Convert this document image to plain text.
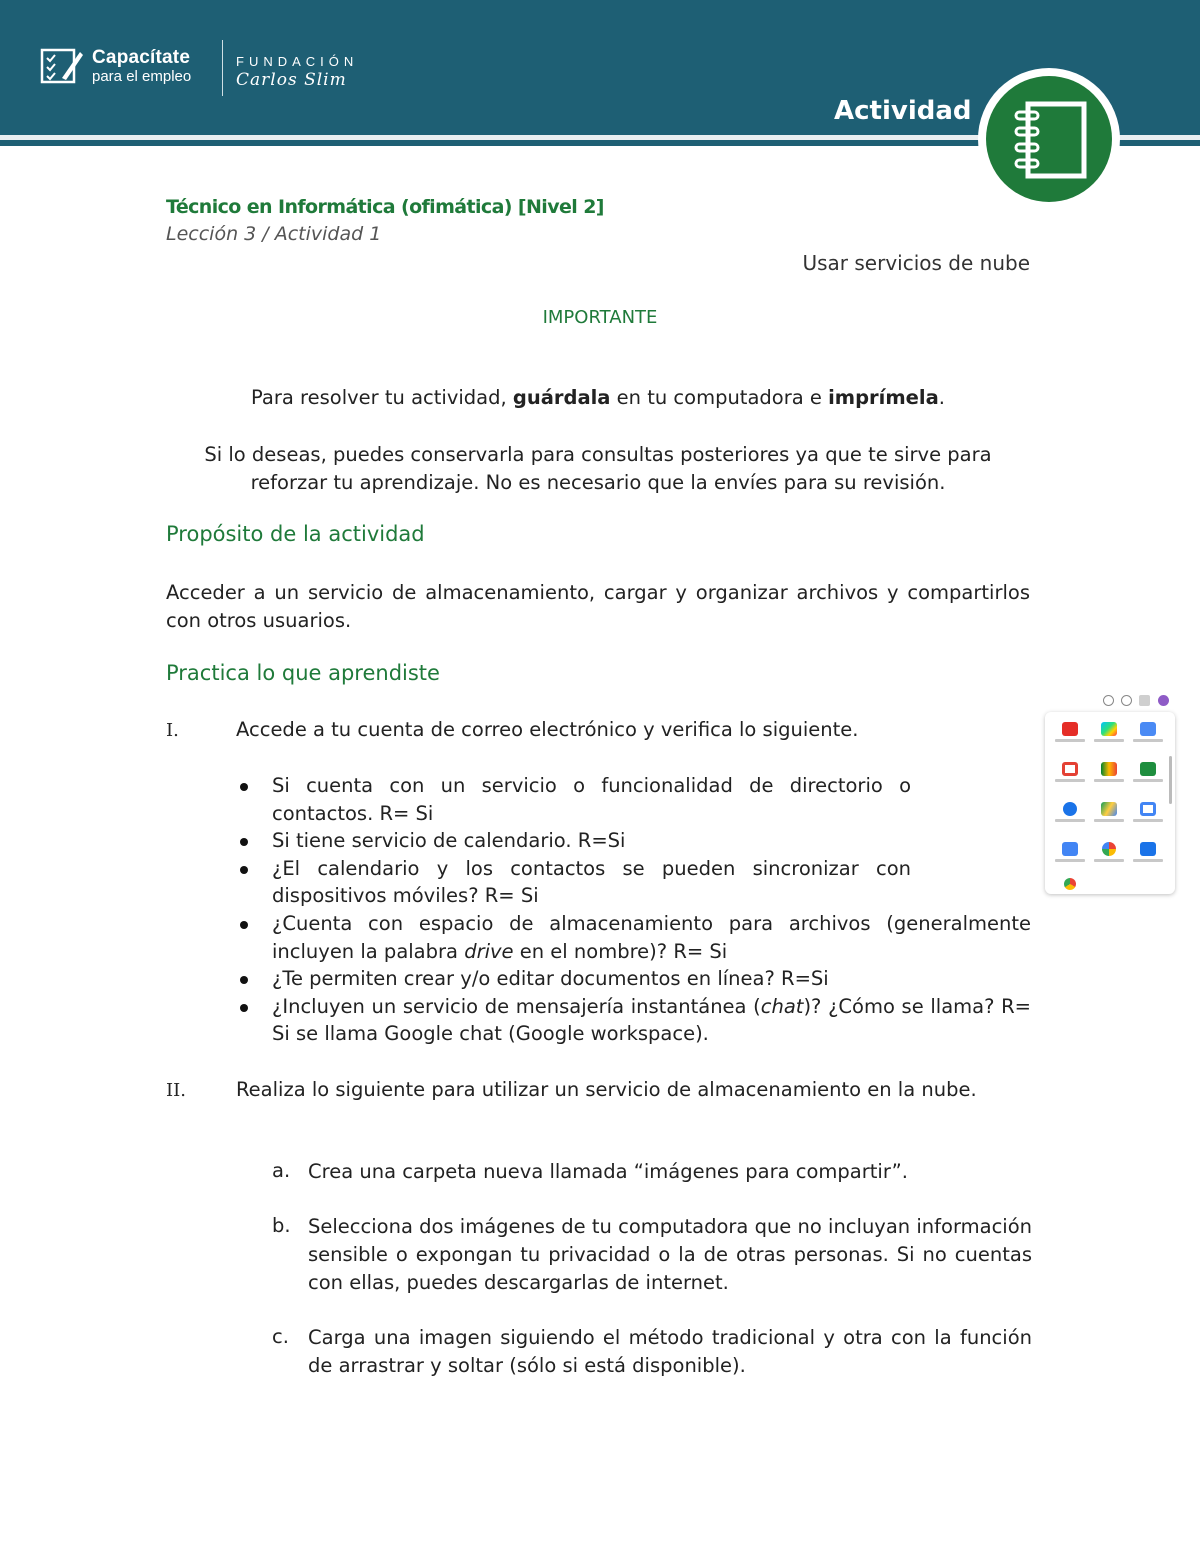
Capacítate
para el empleo
FUNDACIÓN
Carlos Slim
Actividad
Técnico en Informática (ofimática) [Nivel 2]
Lección 3 / Actividad 1
Usar servicios de nube
IMPORTANTE
Para resolver tu actividad, guárdala en tu computadora e imprímela.
Si lo deseas, puedes conservarla para consultas posteriores ya que te sirve para reforzar tu aprendizaje. No es necesario que la envíes para su revisión.
Propósito de la actividad
Acceder a un servicio de almacenamiento, cargar y organizar archivos y compartirlos con otros usuarios.
Practica lo que aprendiste
I.	Accede a tu cuenta de correo electrónico y verifica lo siguiente.
Si cuenta con un servicio o funcionalidad de directorio o contactos. R= Si
Si tiene servicio de calendario. R=Si
¿El calendario y los contactos se pueden sincronizar con dispositivos móviles? R= Si
¿Cuenta con espacio de almacenamiento para archivos (generalmente incluyen la palabra drive en el nombre)? R= Si
¿Te permiten crear y/o editar documentos en línea? R=Si
¿Incluyen un servicio de mensajería instantánea (chat)? ¿Cómo se llama? R= Si se llama Google chat (Google workspace).
II.	Realiza lo siguiente para utilizar un servicio de almacenamiento en la nube.
a. Crea una carpeta nueva llamada “imágenes para compartir”.
b. Selecciona dos imágenes de tu computadora que no incluyan información sensible o expongan tu privacidad o la de otras personas. Si no cuentas con ellas, puedes descargarlas de internet.
c. Carga una imagen siguiendo el método tradicional y otra con la función de arrastrar y soltar (sólo si está disponible).
